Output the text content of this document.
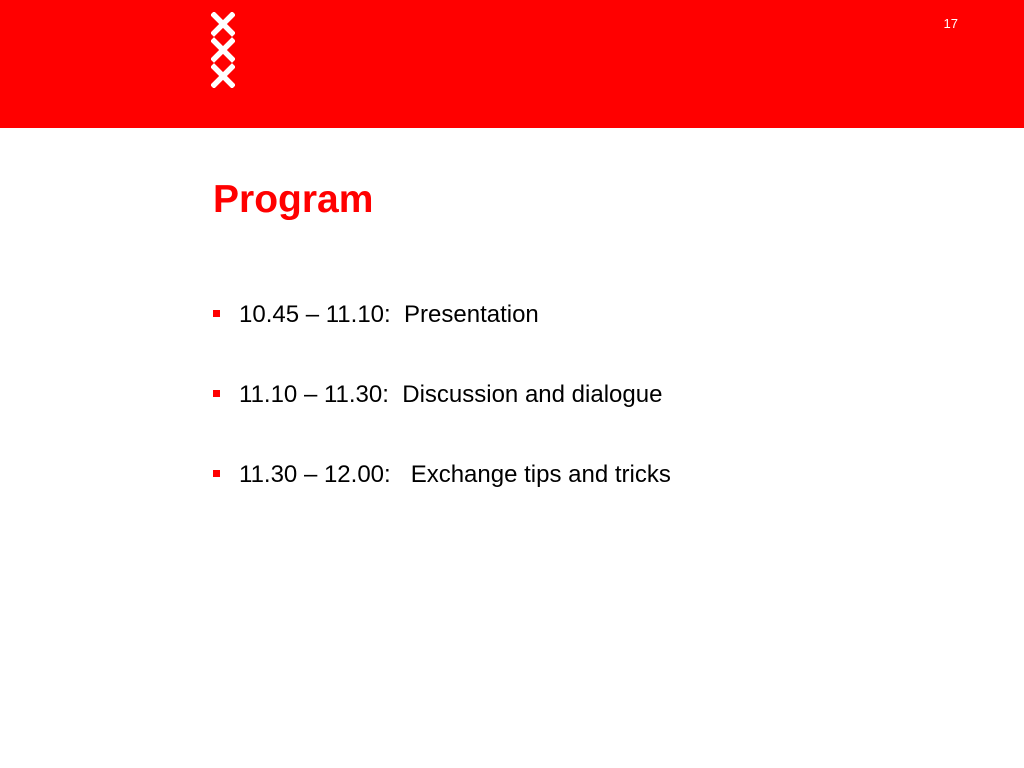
17
Program
10.45 – 11.10:  Presentation
11.10 – 11.30:  Discussion and dialogue
11.30 – 12.00:   Exchange tips and tricks
